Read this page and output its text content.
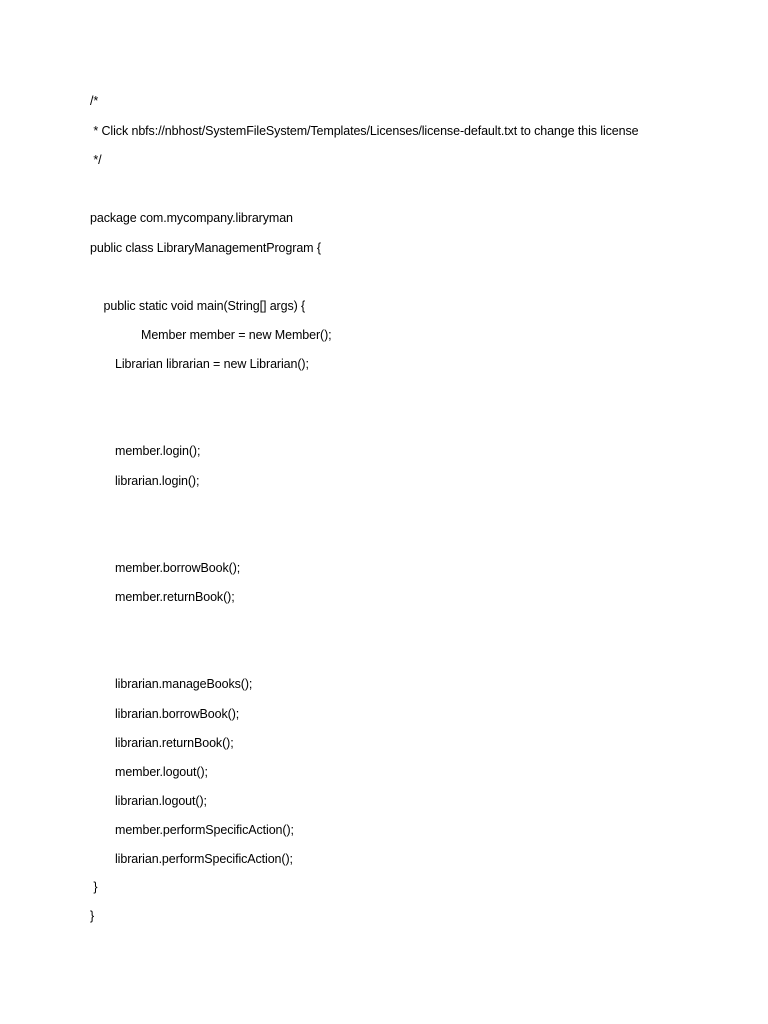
/*
* Click nbfs://nbhost/SystemFileSystem/Templates/Licenses/license-default.txt to change this license
*/
package com.mycompany.libraryman
public class LibraryManagementProgram {
public static void main(String[] args) {
Member member = new Member();
Librarian librarian = new Librarian();
member.login();
librarian.login();
member.borrowBook();
member.returnBook();
librarian.manageBooks();
librarian.borrowBook();
librarian.returnBook();
member.logout();
librarian.logout();
member.performSpecificAction();
librarian.performSpecificAction();
}
}
